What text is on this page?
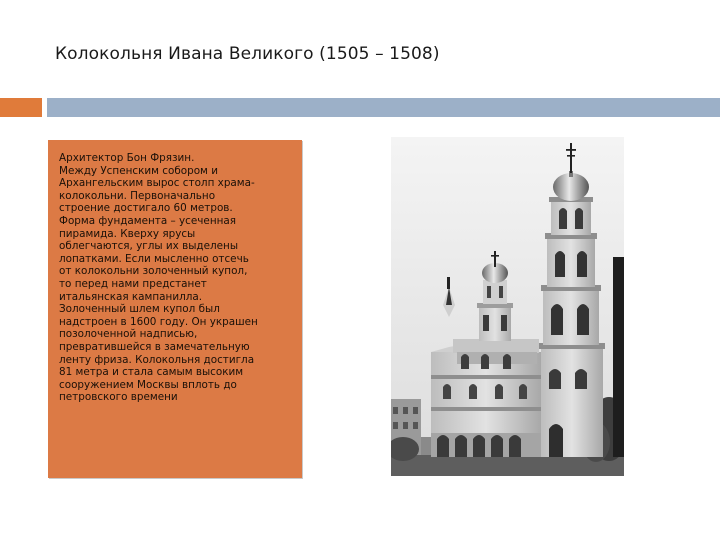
Колокольня Ивана Великого (1505 – 1508)
Архитектор Бон Фрязин.
Между Успенским собором и
Архангельским вырос столп храма-
колокольни. Первоначально
строение достигало 60 метров.
Форма фундамента – усеченная
пирамида. Кверху ярусы
облегчаются, углы их выделены
лопатками. Если мысленно отсечь
от колокольни золоченный купол,
то перед нами предстанет
итальянская кампанилла.
Золоченный шлем купол был
надстроен в 1600 году. Он украшен
позолоченной надписью,
превратившейся в замечательную
ленту фриза. Колокольня достигла
81 метра и стала самым высоким
сооружением Москвы вплоть до
петровского времени
